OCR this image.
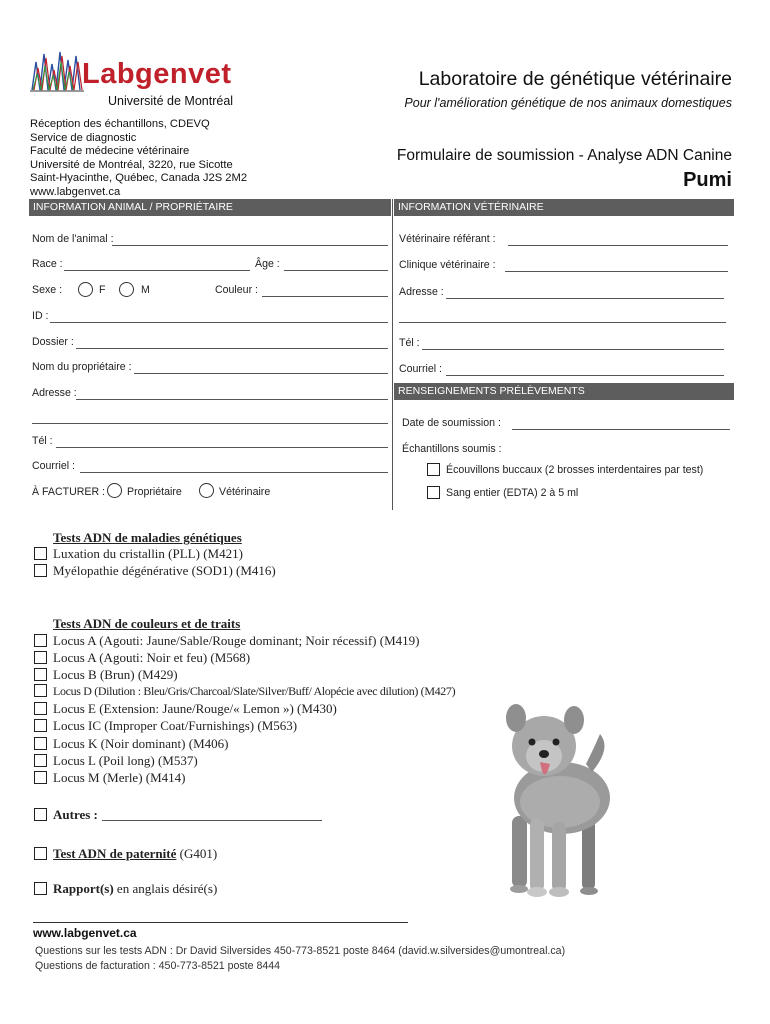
Labgenvet
Université de Montréal
Laboratoire de génétique vétérinaire
Pour l'amélioration génétique de nos animaux domestiques
Réception des échantillons, CDEVQ
Service de diagnostic
Faculté de médecine vétérinaire
Université de Montréal, 3220, rue Sicotte
Saint-Hyacinthe, Québec, Canada J2S 2M2
www.labgenvet.ca
Formulaire de soumission - Analyse ADN Canine
Pumi
INFORMATION ANIMAL / PROPRIÉTAIRE	INFORMATION VÉTÉRINAIRE
RENSEIGNEMENTS PRÉLÈVEMENTS
Nom de l'animal :
Race :	Âge :
Sexe :	F	M	Couleur :
ID :
Dossier :
Nom du propriétaire :
Adresse :
Tél :
Courriel :
À FACTURER : Propriétaire	Vétérinaire
Vétérinaire référant :
Clinique vétérinaire :
Adresse :
Tél :
Courriel :
Date de soumission :
Échantillons soumis :
Écouvillons buccaux (2 brosses interdentaires par test)
Sang entier (EDTA) 2 à 5 ml
Tests ADN de maladies génétiques
Luxation du cristallin (PLL) (M421)
Myélopathie dégénérative (SOD1) (M416)
Tests ADN de couleurs et de traits
Locus A (Agouti: Jaune/Sable/Rouge dominant; Noir récessif) (M419)
Locus A (Agouti: Noir et feu) (M568)
Locus B (Brun) (M429)
Locus D (Dilution : Bleu/Gris/Charcoal/Slate/Silver/Buff/ Alopécie avec dilution) (M427)
Locus E (Extension: Jaune/Rouge/« Lemon ») (M430)
Locus IC (Improper Coat/Furnishings) (M563)
Locus K (Noir dominant) (M406)
Locus L (Poil long) (M537)
Locus M (Merle) (M414)
Autres :
Test ADN de paternité (G401)
Rapport(s) en anglais désiré(s)
www.labgenvet.ca
Questions sur les tests ADN : Dr David Silversides 450-773-8521 poste 8464 (david.w.silversides@umontreal.ca)
Questions de facturation : 450-773-8521 poste 8444
